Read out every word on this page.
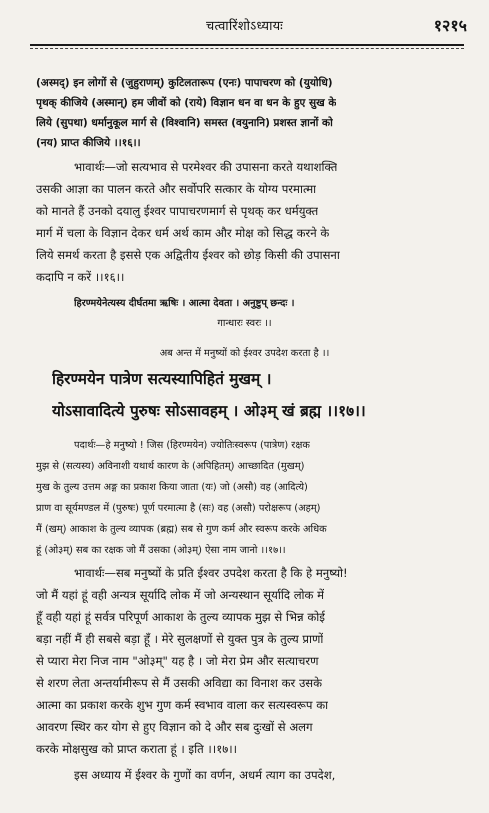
चत्वारिंशोऽध्यायः	१२१५
(अस्मद्) इन लोगों से (जुहुराणम्) कुटिलतारूप (एनः) पापाचरण को (युयोधि)
पृथक् कीजिये (अस्मान्) हम जीवों को (राये) विज्ञान धन वा धन के हुए सुख के
लिये (सुपथा) धर्मानुकूल मार्ग से (विश्वानि) समस्त (वयुनानि) प्रशस्त ज्ञानों को
(नय) प्राप्त कीजिये ।।१६।।
भावार्थः—जो सत्यभाव से परमेश्वर की उपासना करते यथाशक्ति
उसकी आज्ञा का पालन करते और सर्वोपरि सत्कार के योग्य परमात्मा
को मानते हैं उनको दयालु ईश्वर पापाचरणमार्ग से पृथक् कर धर्मयुक्त
मार्ग में चला के विज्ञान देकर धर्म अर्थ काम और मोक्ष को सिद्ध करने के
लिये समर्थ करता है इससे एक अद्वितीय ईश्वर को छोड़ किसी की उपासना
कदापि न करें ।।१६।।
हिरण्मयेनेत्यस्य दीर्घतमा ऋषिः । आत्मा देवता । अनुष्टुप् छन्दः ।
गान्धारः स्वरः ।।
अब अन्त में मनुष्यों को ईश्वर उपदेश करता है ।।
हिरण्मयेन पात्रेण सत्यस्यापिहितं मुखम् ।
योऽसावादित्ये पुरुषः सोऽसावहम् । ओ३म् खं ब्रह्म ।।१७।।
पदार्थः—हे मनुष्यो ! जिस (हिरण्मयेन) ज्योतिःस्वरूप (पात्रेण) रक्षक
मुझ से (सत्यस्य) अविनाशी यथार्थ कारण के (अपिहितम्) आच्छादित (मुखम्)
मुख के तुल्य उत्तम अङ्ग का प्रकाश किया जाता (यः) जो (असौ) वह (आदित्ये)
प्राण वा सूर्यमण्डल में (पुरुषः) पूर्ण परमात्मा है (सः) वह (असौ) परोक्षरूप (अहम्)
मैं (खम्) आकाश के तुल्य व्यापक (ब्रह्म) सब से गुण कर्म और स्वरूप करके अधिक
हूं (ओ३म्) सब का रक्षक जो मैं उसका (ओ३म्) ऐसा नाम जानो ।।१७।।
भावार्थः—सब मनुष्यों के प्रति ईश्वर उपदेश करता है कि हे मनुष्यो!
जो मैं यहां हूं वही अन्यत्र सूर्यादि लोक में जो अन्यस्थान सूर्यादि लोक में
हूँ वही यहां हूं सर्वत्र परिपूर्ण आकाश के तुल्य व्यापक मुझ से भिन्न कोई
बड़ा नहीं मैं ही सबसे बड़ा हूँ । मेरे सुलक्षणों से युक्त पुत्र के तुल्य प्राणों
से प्यारा मेरा निज नाम "ओ३म्" यह है । जो मेरा प्रेम और सत्याचरण
से शरण लेता अन्तर्यामीरूप से मैं उसकी अविद्या का विनाश कर उसके
आत्मा का प्रकाश करके शुभ गुण कर्म स्वभाव वाला कर सत्यस्वरूप का
आवरण स्थिर कर योग से हुए विज्ञान को दे और सब दुःखों से अलग
करके मोक्षसुख को प्राप्त कराता हूं । इति ।।१७।।
इस अध्याय में ईश्वर के गुणों का वर्णन, अधर्म त्याग का उपदेश,
